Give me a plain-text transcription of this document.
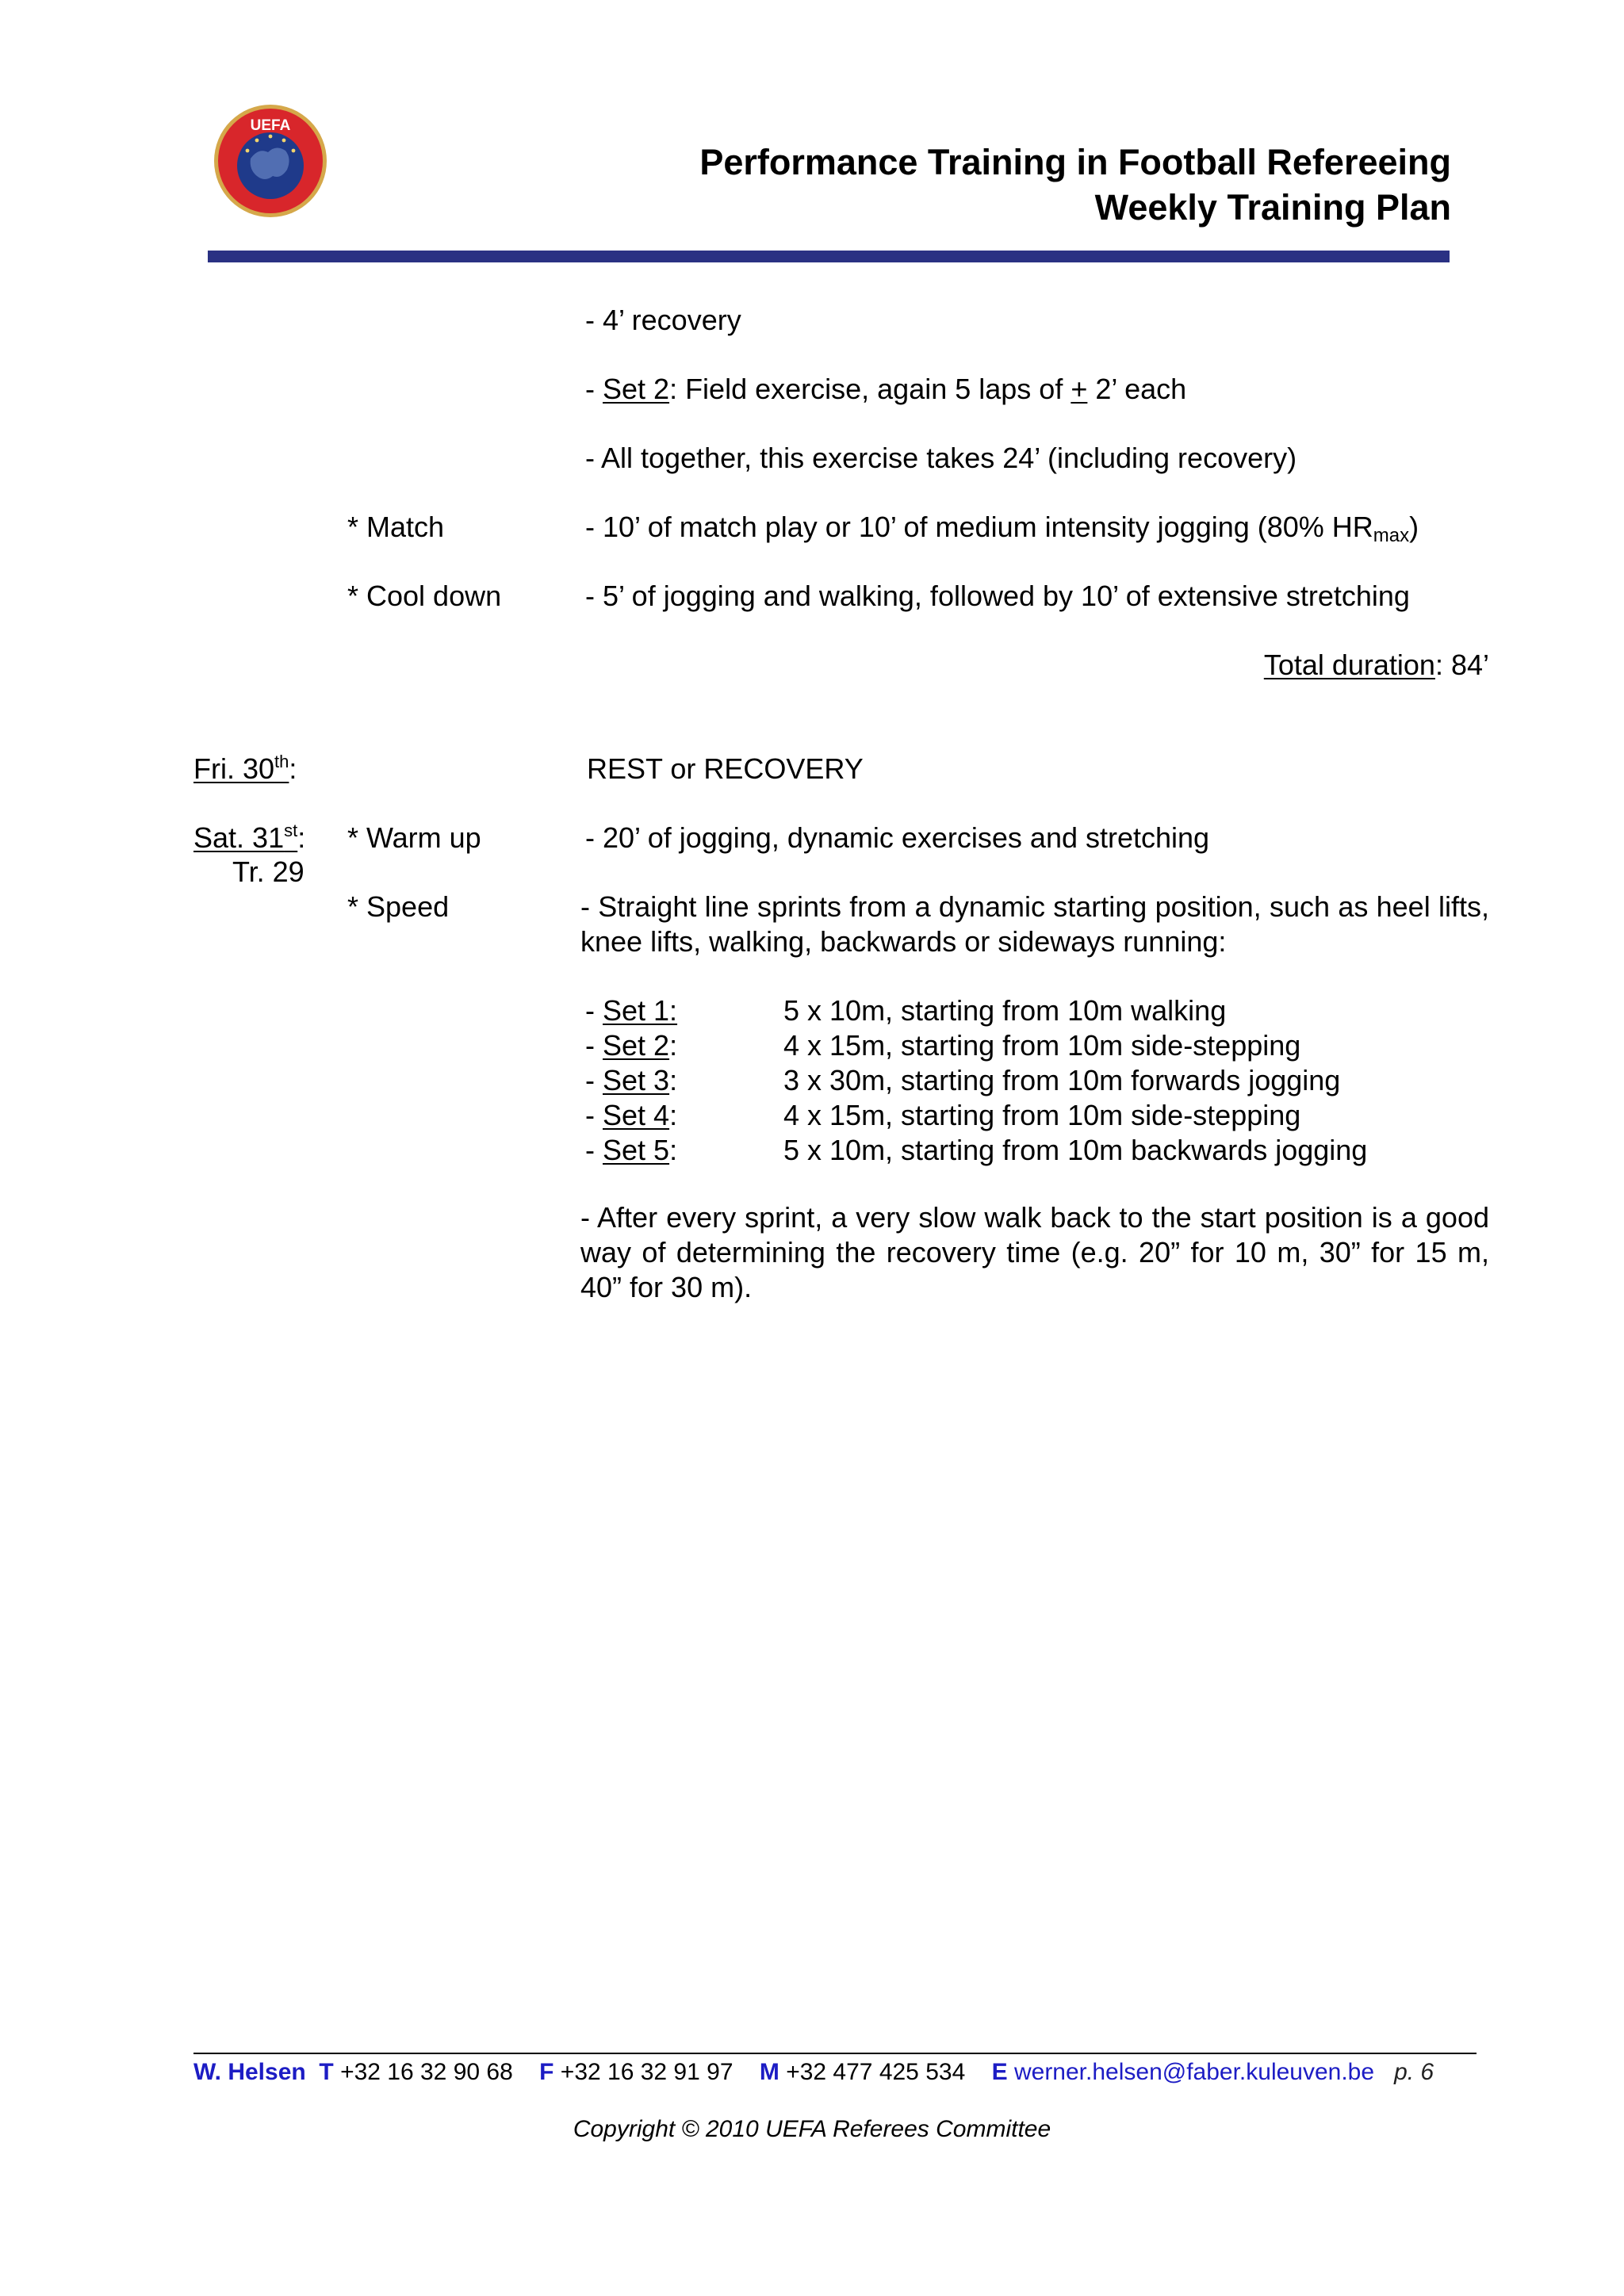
UEFA
Performance Training in Football Refereeing
Weekly Training Plan
- 4’ recovery
- Set 2: Field exercise, again 5 laps of + 2’ each
- All together, this exercise takes 24’ (including recovery)
* Match	- 10’ of match play or 10’ of medium intensity jogging (80% $HR_{max}$)
* Cool down	- 5’ of jogging and walking, followed by 10’ of extensive stretching
Total duration: 84’
Fri. 30th:	REST or RECOVERY
Sat. 31st:
Tr. 29
* Warm up	- 20’ of jogging, dynamic exercises and stretching
* Speed	- Straight line sprints from a dynamic starting position, such as heel lifts, knee lifts, walking, backwards or sideways running:
- Set 1:	5 x 10m, starting from 10m walking
- Set 2:	4 x 15m, starting from 10m side-stepping
- Set 3:	3 x 30m, starting from 10m forwards jogging
- Set 4:	4 x 15m, starting from 10m side-stepping
- Set 5:	5 x 10m, starting from 10m backwards jogging
- After every sprint, a very slow walk back to the start position is a good way of determining the recovery time (e.g. 20” for 10 m, 30” for 15 m, 40” for 30 m).
W. Helsen T +32 16 32 90 68 F +32 16 32 91 97 M +32 477 425 534 E werner.helsen@faber.kuleuven.be p. 6
Copyright © 2010 UEFA Referees Committee
